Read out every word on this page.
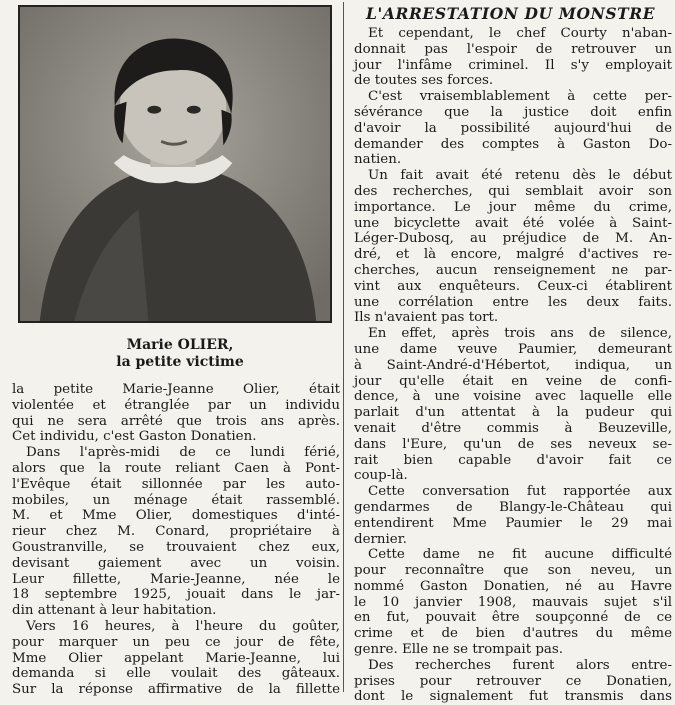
Marie OLIER,
la petite victime
la petite Marie-Jeanne Olier, était
violentée et étranglée par un individu
qui ne sera arrêté que trois ans après.
Cet individu, c'est Gaston Donatien.
Dans l'après-midi de ce lundi férié,
alors que la route reliant Caen à Pont-
l'Evêque était sillonnée par les auto-
mobiles, un ménage était rassemblé.
M. et Mme Olier, domestiques d'inté-
rieur chez M. Conard, propriétaire à
Goustranville, se trouvaient chez eux,
devisant gaiement avec un voisin.
Leur fillette, Marie-Jeanne, née le
18 septembre 1925, jouait dans le jar-
din attenant à leur habitation.
Vers 16 heures, à l'heure du goûter,
pour marquer un peu ce jour de fête,
Mme Olier appelant Marie-Jeanne, lui
demanda si elle voulait des gâteaux.
Sur la réponse affirmative de la fillette
L'ARRESTATION DU MONSTRE
Et cependant, le chef Courty n'aban-
donnait pas l'espoir de retrouver un
jour l'infâme criminel. Il s'y employait
de toutes ses forces.
C'est vraisemblablement à cette per-
sévérance que la justice doit enfin
d'avoir la possibilité aujourd'hui de
demander des comptes à Gaston Do-
natien.
Un fait avait été retenu dès le début
des recherches, qui semblait avoir son
importance. Le jour même du crime,
une bicyclette avait été volée à Saint-
Léger-Dubosq, au préjudice de M. An-
dré, et là encore, malgré d'actives re-
cherches, aucun renseignement ne par-
vint aux enquêteurs. Ceux-ci établirent
une corrélation entre les deux faits.
Ils n'avaient pas tort.
En effet, après trois ans de silence,
une dame veuve Paumier, demeurant
à Saint-André-d'Hébertot, indiqua, un
jour qu'elle était en veine de confi-
dence, à une voisine avec laquelle elle
parlait d'un attentat à la pudeur qui
venait d'être commis à Beuzeville,
dans l'Eure, qu'un de ses neveux se-
rait bien capable d'avoir fait ce
coup-là.
Cette conversation fut rapportée aux
gendarmes de Blangy-le-Château qui
entendirent Mme Paumier le 29 mai
dernier.
Cette dame ne fit aucune difficulté
pour reconnaître que son neveu, un
nommé Gaston Donatien, né au Havre
le 10 janvier 1908, mauvais sujet s'il
en fut, pouvait être soupçonné de ce
crime et de bien d'autres du même
genre. Elle ne se trompait pas.
Des recherches furent alors entre-
prises pour retrouver ce Donatien,
dont le signalement fut transmis dans
